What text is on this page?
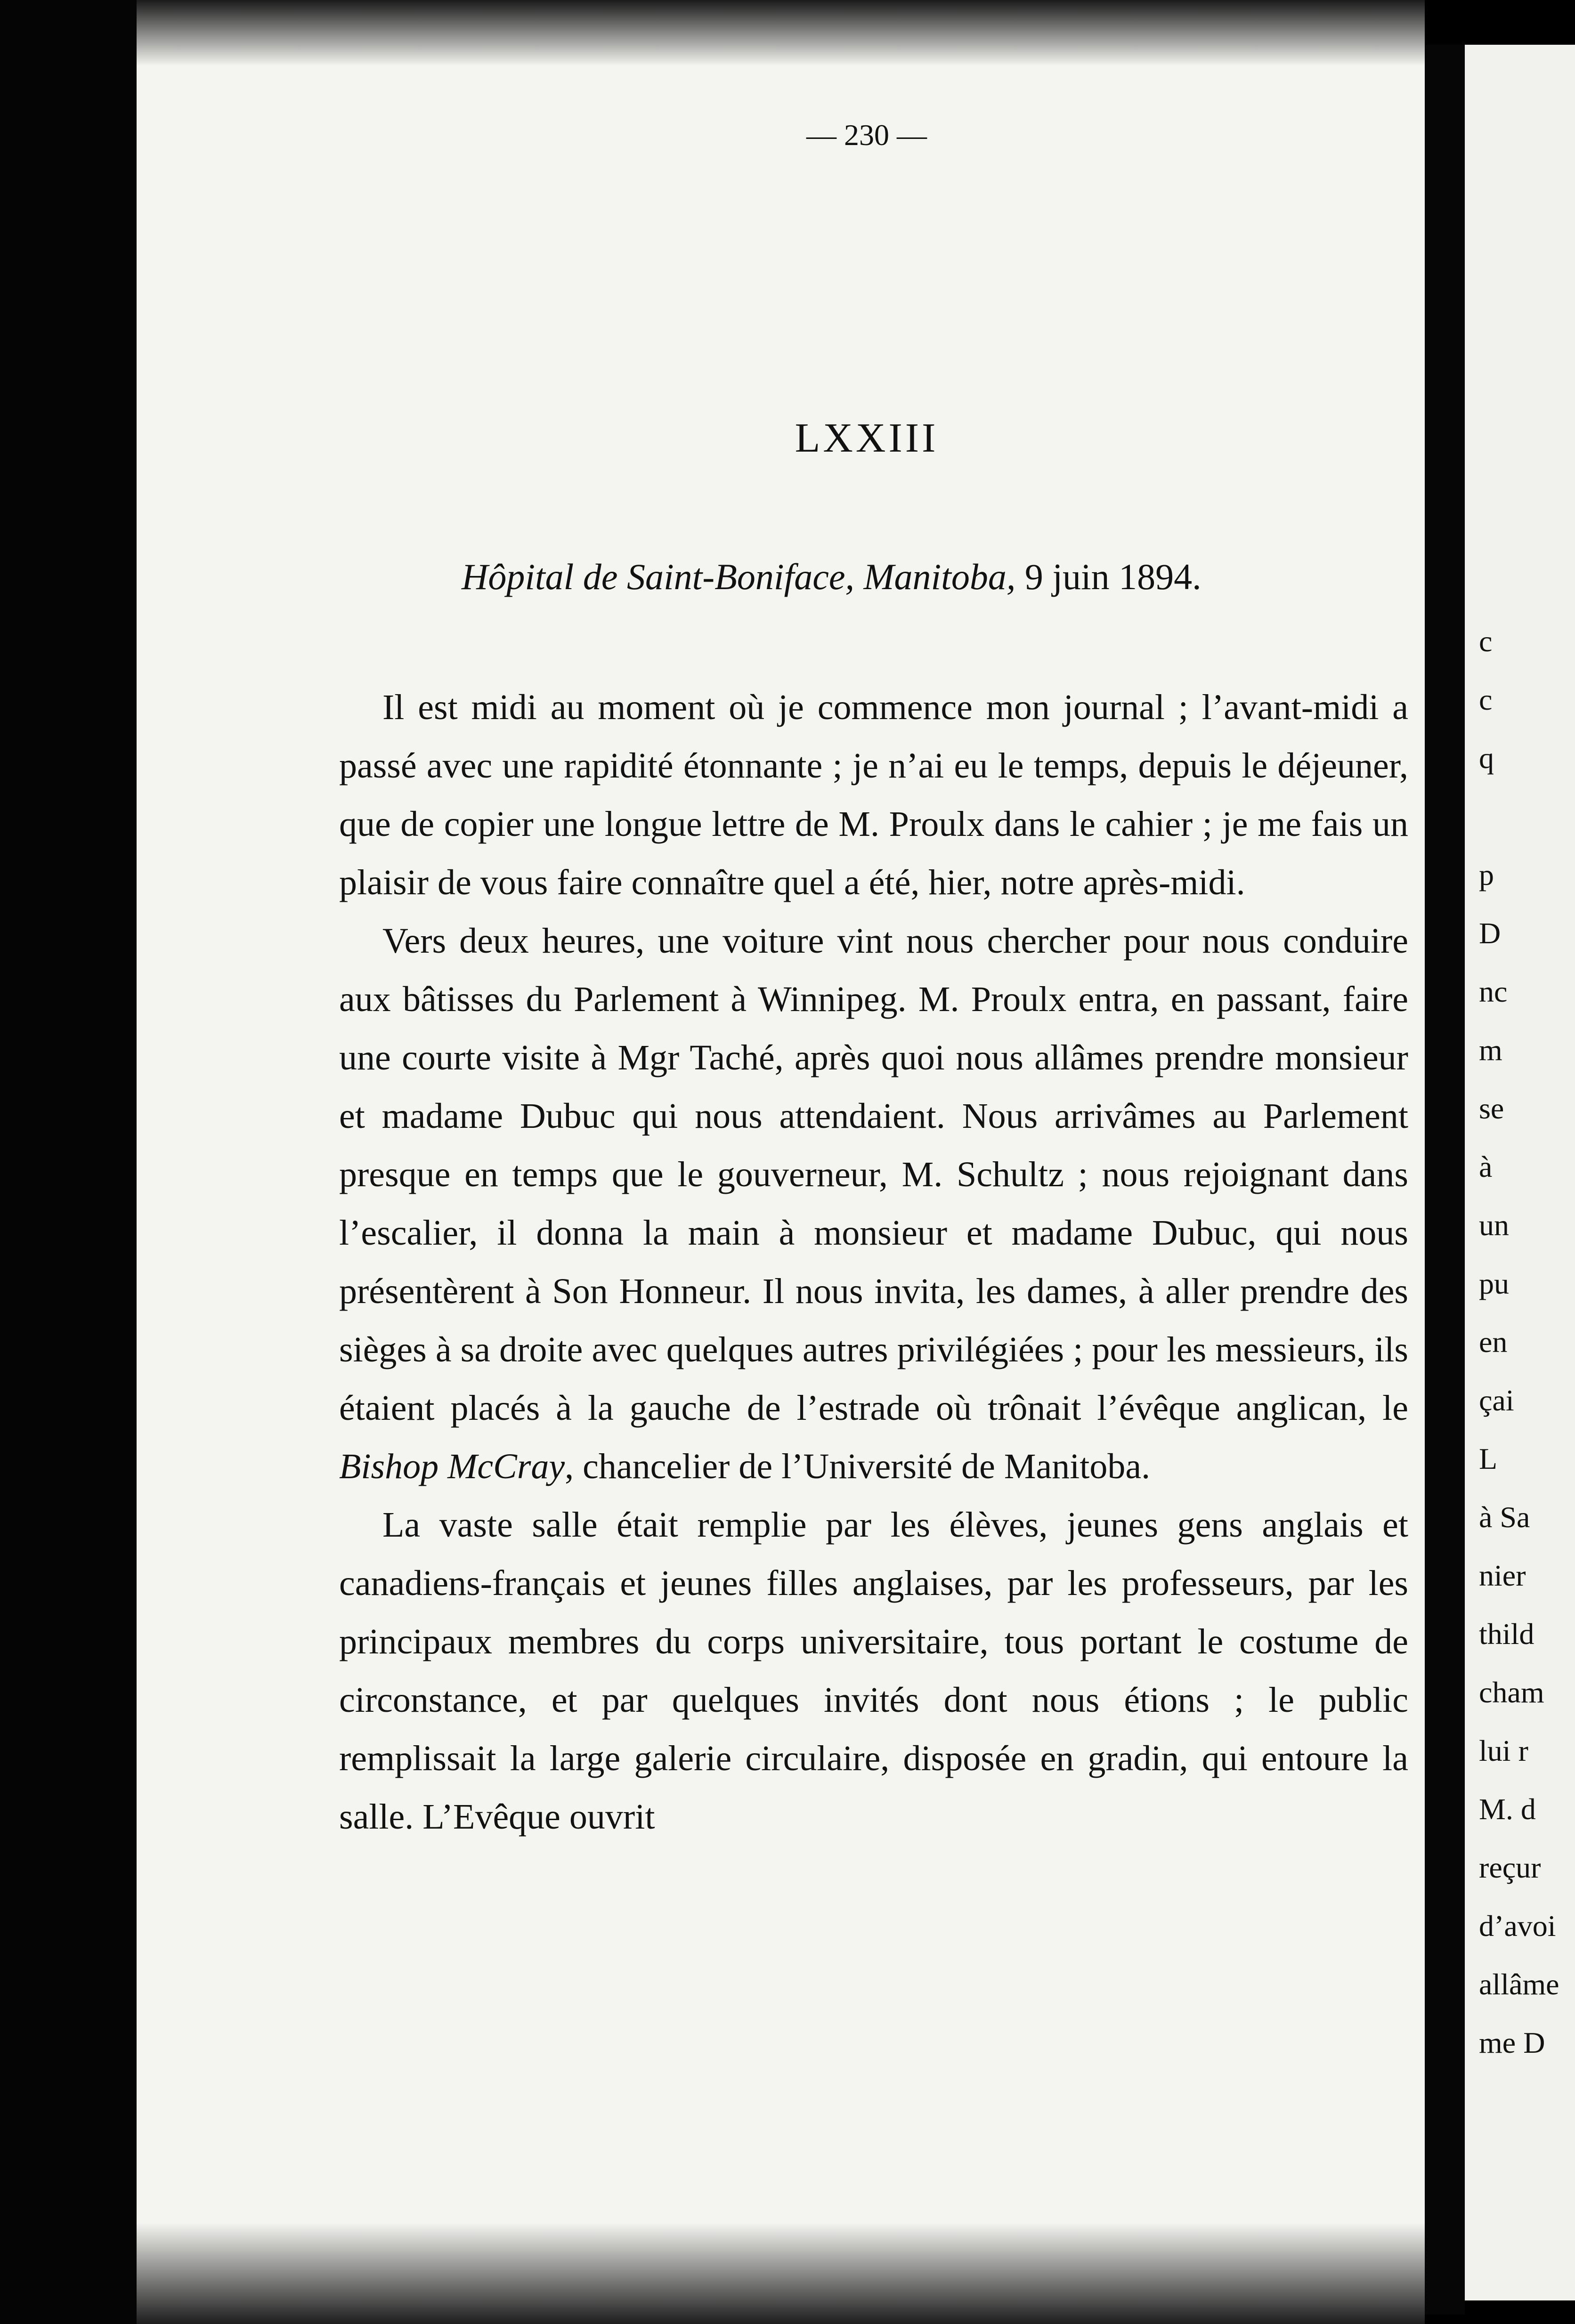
— 230 —
LXXIII
Hôpital de Saint-Boniface, Manitoba, 9 juin 1894.

Il est midi au moment où je commence mon journal ; l’avant-midi a passé avec une rapidité étonnante ; je n’ai eu le temps, depuis le déjeuner, que de copier une longue lettre de M. Proulx dans le cahier ; je me fais un plaisir de vous faire connaître quel a été, hier, notre après-midi.

Vers deux heures, une voiture vint nous chercher pour nous conduire aux bâtisses du Parlement à Winnipeg. M. Proulx entra, en passant, faire une courte visite à Mgr Taché, après quoi nous allâmes prendre monsieur et madame Dubuc qui nous attendaient. Nous arrivâmes au Parlement presque en temps que le gouverneur, M. Schultz ; nous rejoignant dans l’escalier, il donna la main à monsieur et madame Dubuc, qui nous présentèrent à Son Honneur. Il nous invita, les dames, à aller prendre des sièges à sa droite avec quelques autres privilégiées ; pour les messieurs, ils étaient placés à la gauche de l’estrade où trônait l’évêque anglican, le Bishop McCray, chancelier de l’Université de Manitoba.

La vaste salle était remplie par les élèves, jeunes gens anglais et canadiens-français et jeunes filles anglaises, par les professeurs, par les principaux membres du corps universitaire, tous portant le costume de circonstance, et par quelques invités dont nous étions ; le public remplissait la large galerie circulaire, disposée en gradin, qui entoure la salle. L’Evêque ouvrit

c
c
q
p
D
nc
m
se
à
un
pu
en
çai
L
à Sa
nier
thild
cham
lui r
M. d
reçur
d’avoi
allâme
me D
